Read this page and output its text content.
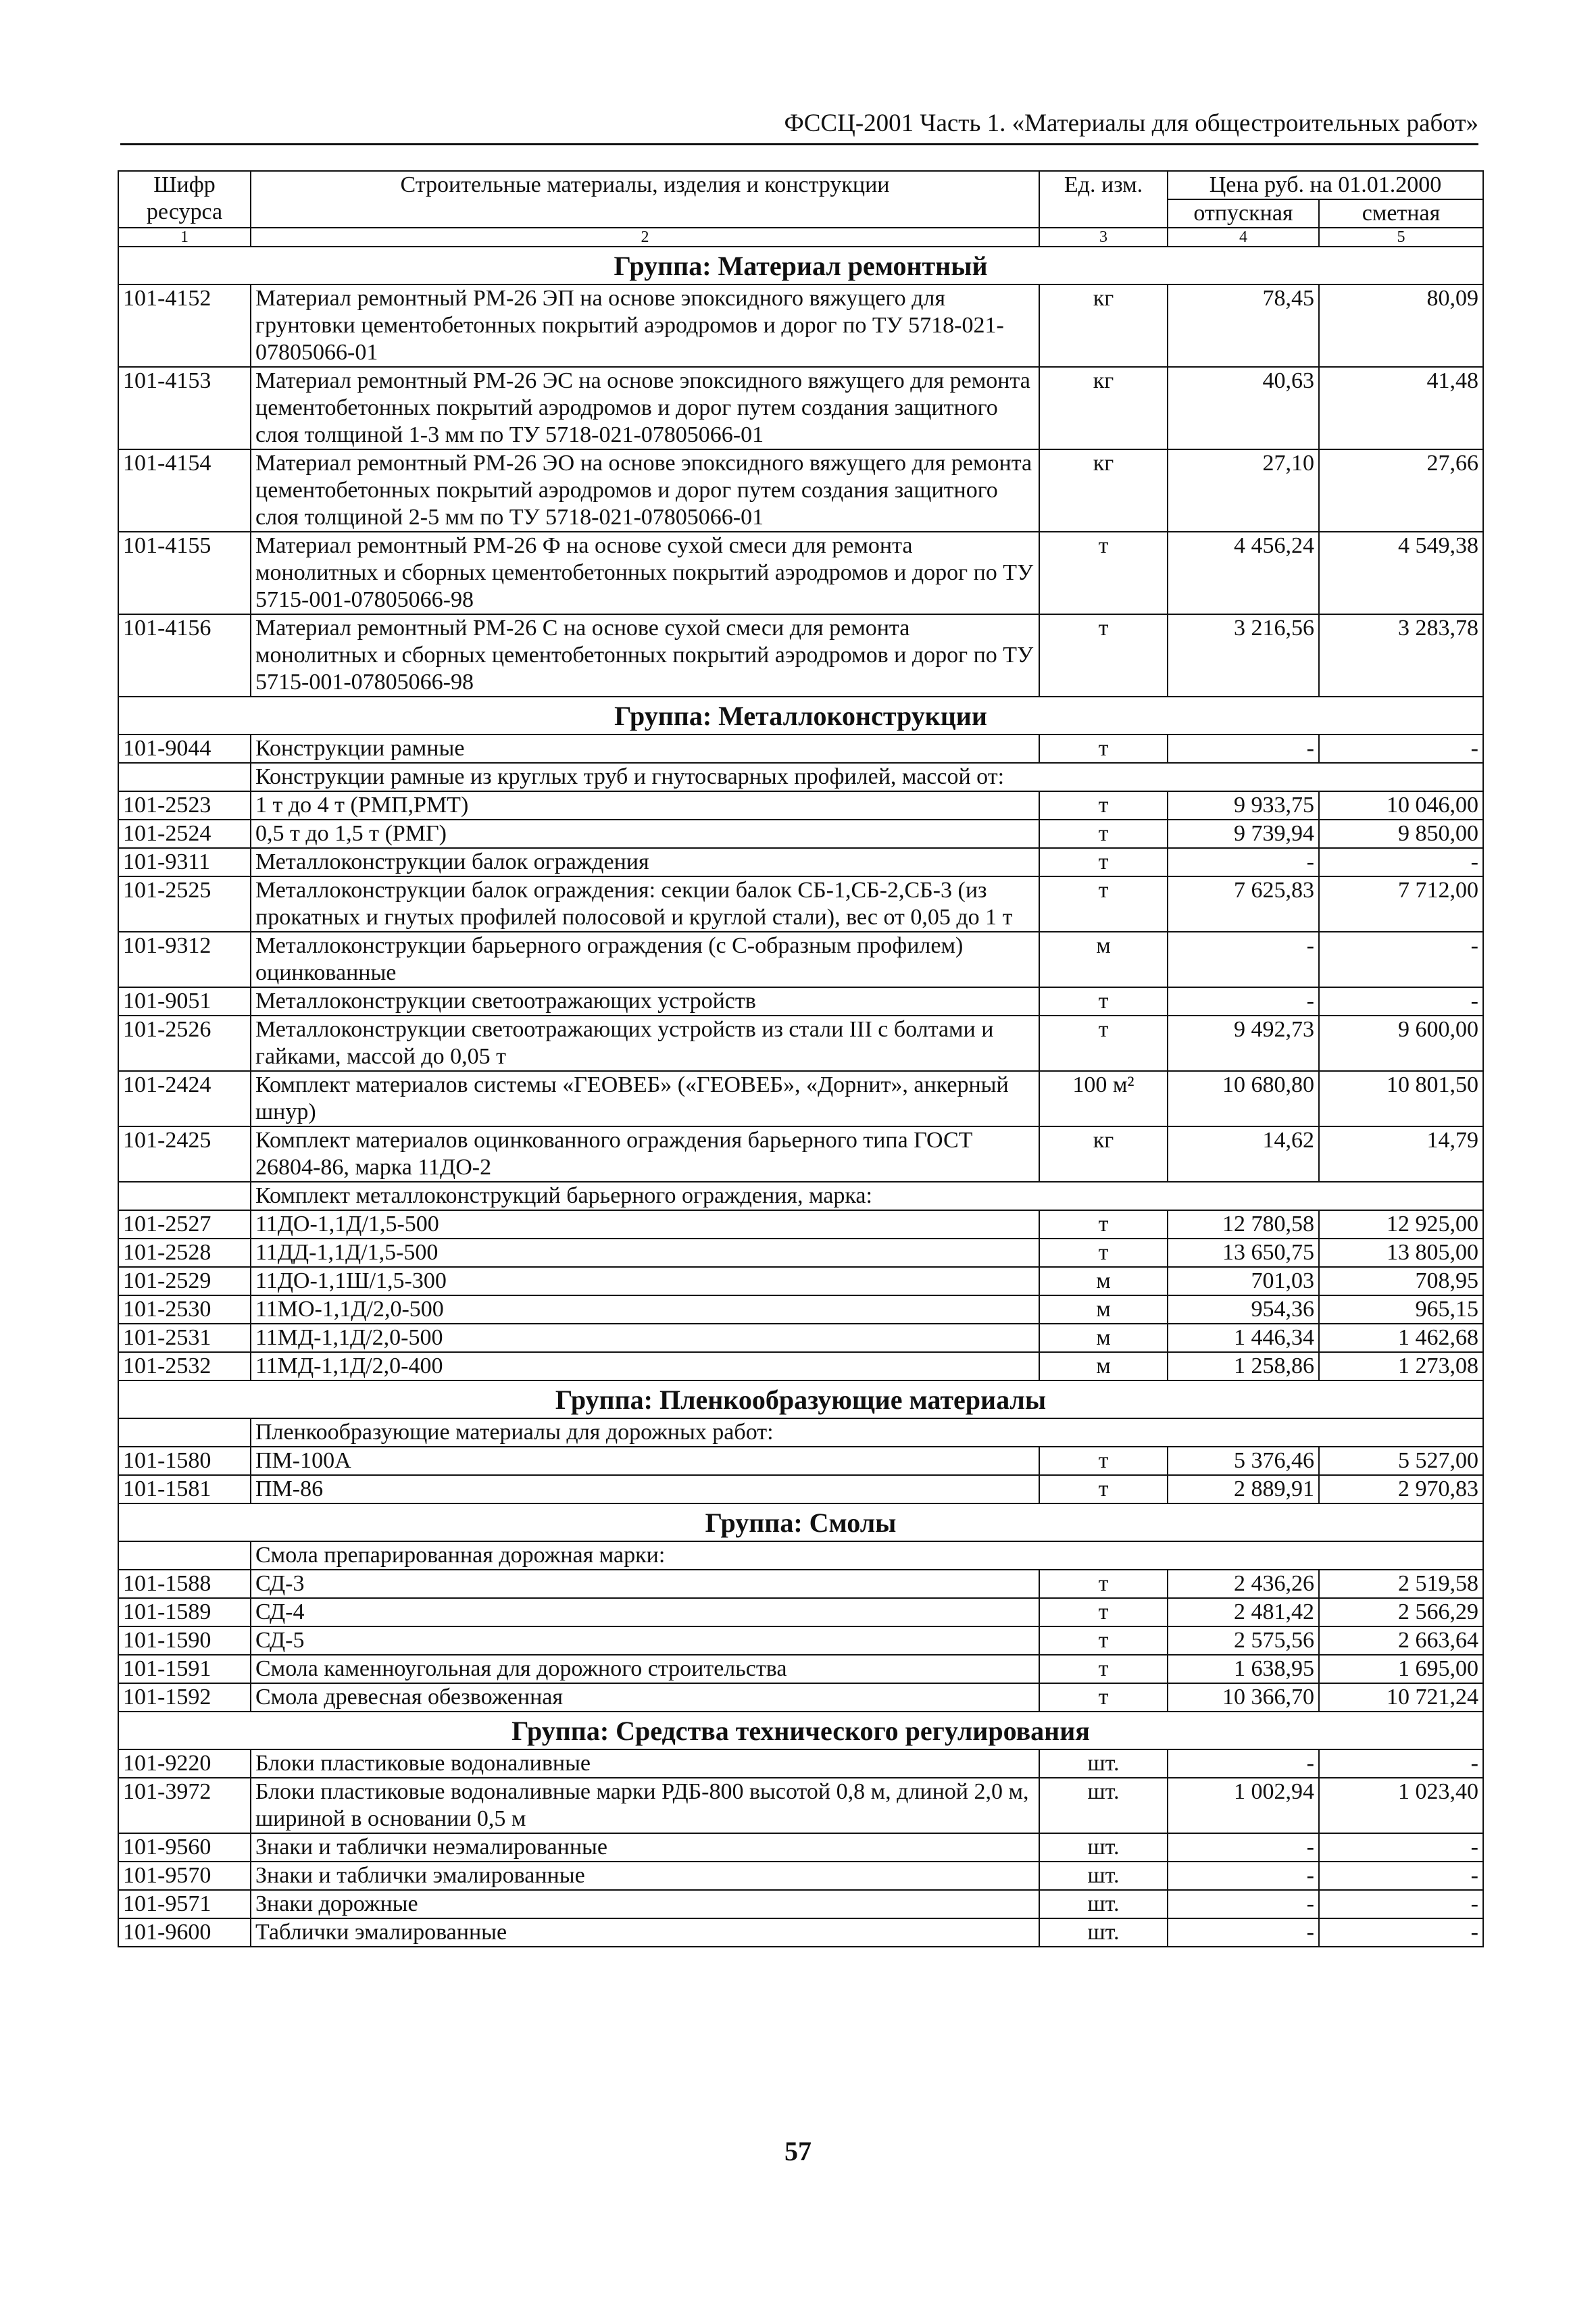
ФССЦ-2001 Часть 1. «Материалы для общестроительных работ»
Шифр ресурса	Строительные материалы, изделия и конструкции	Ед. изм.	Цена руб. на 01.01.2000	
			отпускная	сметная
1	2	3	4	5
Группа: Материал ремонтный				
101-4152	Материал ремонтный РМ-26 ЭП на основе эпоксидного вяжущего для грунтовки цементобетонных покрытий аэродромов и дорог по ТУ 5718-021-07805066-01	кг	78,45	80,09
101-4153	Материал ремонтный РМ-26 ЭС на основе эпоксидного вяжущего для ремонта цементобетонных покрытий аэродромов и дорог путем создания защитного слоя толщиной 1-3 мм по ТУ 5718-021-07805066-01	кг	40,63	41,48
101-4154	Материал ремонтный РМ-26 ЭО на основе эпоксидного вяжущего для ремонта цементобетонных покрытий аэродромов и дорог путем создания защитного слоя толщиной 2-5 мм по ТУ 5718-021-07805066-01	кг	27,10	27,66
101-4155	Материал ремонтный РМ-26 Ф на основе сухой смеси для ремонта монолитных и сборных цементобетонных покрытий аэродромов и дорог по ТУ 5715-001-07805066-98	т	4 456,24	4 549,38
101-4156	Материал ремонтный РМ-26 С на основе сухой смеси для ремонта монолитных и сборных цементобетонных покрытий аэродромов и дорог по ТУ 5715-001-07805066-98	т	3 216,56	3 283,78
Группа: Металлоконструкции				
101-9044	Конструкции рамные	т	-	-
	Конструкции рамные из круглых труб и гнутосварных профилей, массой от:			
101-2523	1 т до 4 т (РМП,РМТ)	т	9 933,75	10 046,00
101-2524	0,5 т до 1,5 т (РМГ)	т	9 739,94	9 850,00
101-9311	Металлоконструкции балок ограждения	т	-	-
101-2525	Металлоконструкции балок ограждения: секции балок СБ-1,СБ-2,СБ-3 (из прокатных и гнутых профилей полосовой и круглой стали), вес от 0,05 до 1 т	т	7 625,83	7 712,00
101-9312	Металлоконструкции барьерного ограждения (с С-образным профилем) оцинкованные	м	-	-
101-9051	Металлоконструкции светоотражающих устройств	т	-	-
101-2526	Металлоконструкции светоотражающих устройств из стали III с болтами и гайками, массой до 0,05 т	т	9 492,73	9 600,00
101-2424	Комплект материалов системы «ГЕОВЕБ» («ГЕОВЕБ», «Дорнит», анкерный шнур)	100 м²	10 680,80	10 801,50
101-2425	Комплект материалов оцинкованного ограждения барьерного типа ГОСТ 26804-86, марка 11ДО-2	кг	14,62	14,79
	Комплект металлоконструкций барьерного ограждения, марка:			
101-2527	11ДО-1,1Д/1,5-500	т	12 780,58	12 925,00
101-2528	11ДД-1,1Д/1,5-500	т	13 650,75	13 805,00
101-2529	11ДО-1,1Ш/1,5-300	м	701,03	708,95
101-2530	11МО-1,1Д/2,0-500	м	954,36	965,15
101-2531	11МД-1,1Д/2,0-500	м	1 446,34	1 462,68
101-2532	11МД-1,1Д/2,0-400	м	1 258,86	1 273,08
Группа: Пленкообразующие материалы				
	Пленкообразующие материалы для дорожных работ:			
101-1580	ПМ-100А	т	5 376,46	5 527,00
101-1581	ПМ-86	т	2 889,91	2 970,83
Группа: Смолы				
	Смола препарированная дорожная марки:			
101-1588	СД-3	т	2 436,26	2 519,58
101-1589	СД-4	т	2 481,42	2 566,29
101-1590	СД-5	т	2 575,56	2 663,64
101-1591	Смола каменноугольная для дорожного строительства	т	1 638,95	1 695,00
101-1592	Смола древесная обезвоженная	т	10 366,70	10 721,24
Группа: Средства технического регулирования				
101-9220	Блоки пластиковые водоналивные	шт.	-	-
101-3972	Блоки пластиковые водоналивные марки РДБ-800 высотой 0,8 м, длиной 2,0 м, шириной в основании 0,5 м	шт.	1 002,94	1 023,40
101-9560	Знаки и таблички неэмалированные	шт.	-	-
101-9570	Знаки и таблички эмалированные	шт.	-	-
101-9571	Знаки дорожные	шт.	-	-
101-9600	Таблички эмалированные	шт.	-	-
57
